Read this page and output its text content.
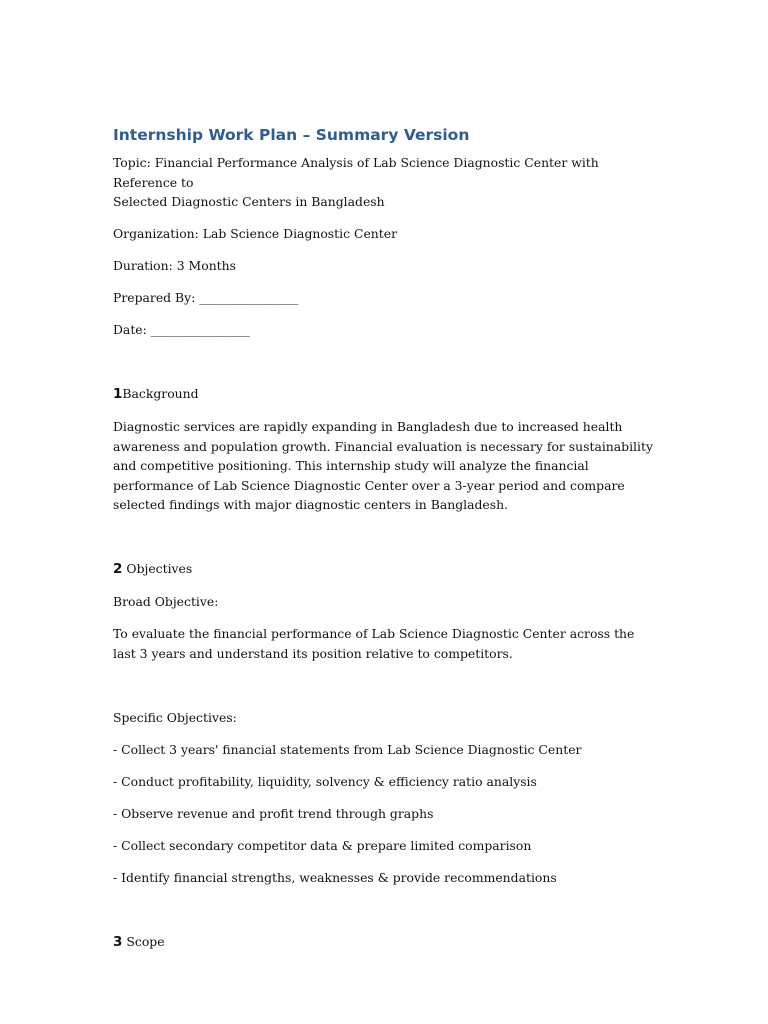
Internship Work Plan – Summary Version

Topic: Financial Performance Analysis of Lab Science Diagnostic Center with Reference to
Selected Diagnostic Centers in Bangladesh

Organization: Lab Science Diagnostic Center

Duration: 3 Months

Prepared By: ________________

Date: ________________

1 Background

Diagnostic services are rapidly expanding in Bangladesh due to increased health awareness and population growth. Financial evaluation is necessary for sustainability and competitive positioning. This internship study will analyze the financial performance of Lab Science Diagnostic Center over a 3-year period and compare selected findings with major diagnostic centers in Bangladesh.

2 Objectives

Broad Objective:

To evaluate the financial performance of Lab Science Diagnostic Center across the last 3 years and understand its position relative to competitors.

Specific Objectives:

- Collect 3 years' financial statements from Lab Science Diagnostic Center

- Conduct profitability, liquidity, solvency & efficiency ratio analysis

- Observe revenue and profit trend through graphs

- Collect secondary competitor data & prepare limited comparison

- Identify financial strengths, weaknesses & provide recommendations

3 Scope
